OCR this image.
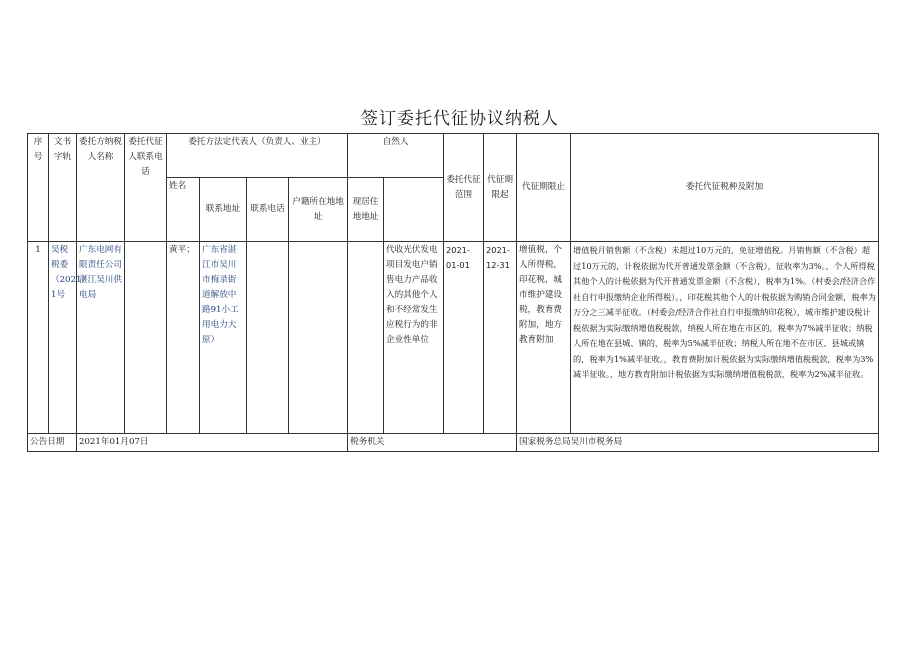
签订委托代征协议纳税人
序号	文书字轨	委托方纳税人名称	委托代征人联系电话	委托方法定代表人（负责人、业主）				自然人		委托代征范围	代征期限起	代征期限止	委托代征税种及附加	
				姓名	联系地址	联系电话	户籍所在地地址	现居住地地址						
1	吴税税委（2021）1号	广东电网有限责任公司湛江吴川供电局		黄平；	广东省湛江市吴川市梅录街道解放中路91小工用电力大原）				代收光伏发电项目发电户销售电力产品收入的其他个人和不经常发生应税行为的非企业性单位	2021-01-01	2021-12-31	增值税，个人所得税，印花税，城市维护建设税，教育费附加，地方教育附加	增值税月销售额（不含税）未超过10万元的，免征增值税。月销售额（不含税）超过10万元的，计税依据为代开普通发票金额（不含税），征收率为3%。，个人所得税其他个人的计税依据为代开普通发票金额（不含税），税率为1%。（村委会/经济合作社自行申报缴纳企业所得税）。，印花税其他个人的计税依据为购销合同金额，税率为万分之三减半征收。（村委会/经济合作社自行申报缴纳印花税），城市维护建设税计税依据为实际缴纳增值税税款，纳税人所在地在市区的，税率为7%减半征收；纳税人所在地在县城、镇的，税率为5%减半征收；纳税人所在地不在市区、县城或镇的，税率为1%减半征收。，教育费附加计税依据为实际缴纳增值税税款，税率为3%减半征收。，地方教育附加计税依据为实际缴纳增值税税款，税率为2%减半征收。	
公告日期		2021年01月07日						税务机关				国家税务总局吴川市税务局		
